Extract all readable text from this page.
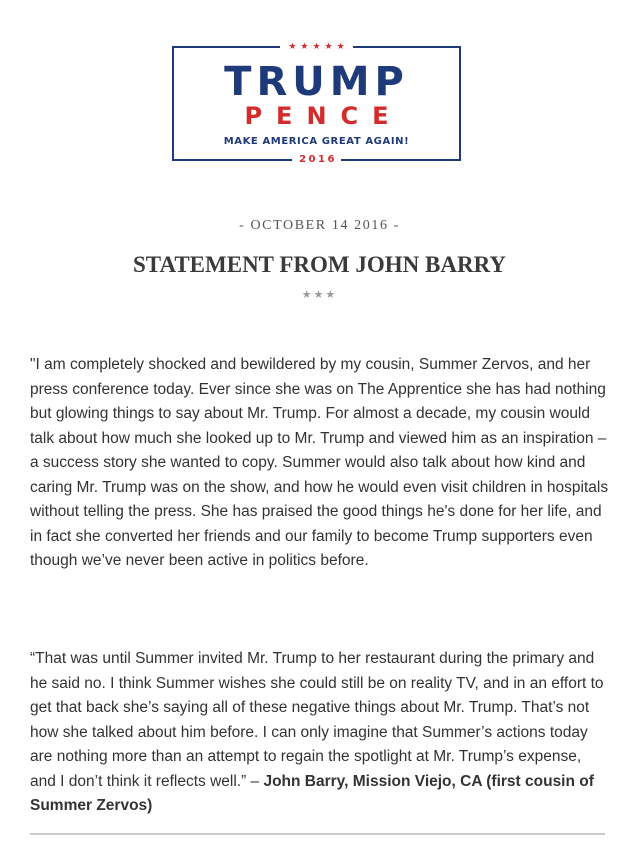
★★★★★
TRUMP
PENCE
MAKE AMERICA GREAT AGAIN!
2016
- OCTOBER 14 2016 -
STATEMENT FROM JOHN BARRY
★★★

"I am completely shocked and bewildered by my cousin, Summer Zervos, and her press conference today. Ever since she was on The Apprentice she has had nothing but glowing things to say about Mr. Trump. For almost a decade, my cousin would talk about how much she looked up to Mr. Trump and viewed him as an inspiration – a success story she wanted to copy. Summer would also talk about how kind and caring Mr. Trump was on the show, and how he would even visit children in hospitals without telling the press. She has praised the good things he's done for her life, and in fact she converted her friends and our family to become Trump supporters even though we’ve never been active in politics before.

“That was until Summer invited Mr. Trump to her restaurant during the primary and he said no. I think Summer wishes she could still be on reality TV, and in an effort to get that back she’s saying all of these negative things about Mr. Trump. That’s not how she talked about him before. I can only imagine that Summer’s actions today are nothing more than an attempt to regain the spotlight at Mr. Trump’s expense, and I don’t think it reflects well.” – John Barry, Mission Viejo, CA (first cousin of Summer Zervos)
